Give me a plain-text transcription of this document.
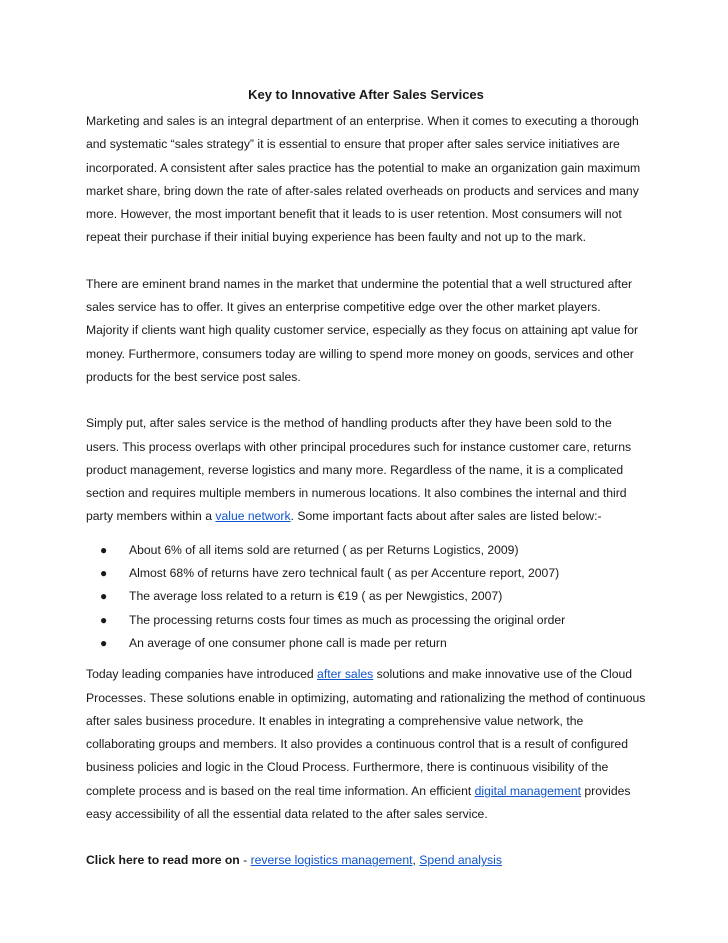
Key to Innovative After Sales Services

Marketing and sales is an integral department of an enterprise. When it comes to executing a thorough and systematic “sales strategy” it is essential to ensure that proper after sales service initiatives are incorporated. A consistent after sales practice has the potential to make an organization gain maximum market share, bring down the rate of after-sales related overheads on products and services and many more. However, the most important benefit that it leads to is user retention. Most consumers will not repeat their purchase if their initial buying experience has been faulty and not up to the mark.

There are eminent brand names in the market that undermine the potential that a well structured after sales service has to offer. It gives an enterprise competitive edge over the other market players. Majority if clients want high quality customer service, especially as they focus on attaining apt value for money. Furthermore, consumers today are willing to spend more money on goods, services and other products for the best service post sales.

Simply put, after sales service is the method of handling products after they have been sold to the users. This process overlaps with other principal procedures such for instance customer care, returns product management, reverse logistics and many more. Regardless of the name, it is a complicated section and requires multiple members in numerous locations. It also combines the internal and third party members within a value network. Some important facts about after sales are listed below:-

● About 6% of all items sold are returned ( as per Returns Logistics, 2009)
● Almost 68% of returns have zero technical fault ( as per Accenture report, 2007)
● The average loss related to a return is €19 ( as per Newgistics, 2007)
● The processing returns costs four times as much as processing the original order
● An average of one consumer phone call is made per return

Today leading companies have introduced after sales solutions and make innovative use of the Cloud Processes. These solutions enable in optimizing, automating and rationalizing the method of continuous after sales business procedure. It enables in integrating a comprehensive value network, the collaborating groups and members. It also provides a continuous control that is a result of configured business policies and logic in the Cloud Process. Furthermore, there is continuous visibility of the complete process and is based on the real time information. An efficient digital management provides easy accessibility of all the essential data related to the after sales service.

Click here to read more on - reverse logistics management, Spend analysis
